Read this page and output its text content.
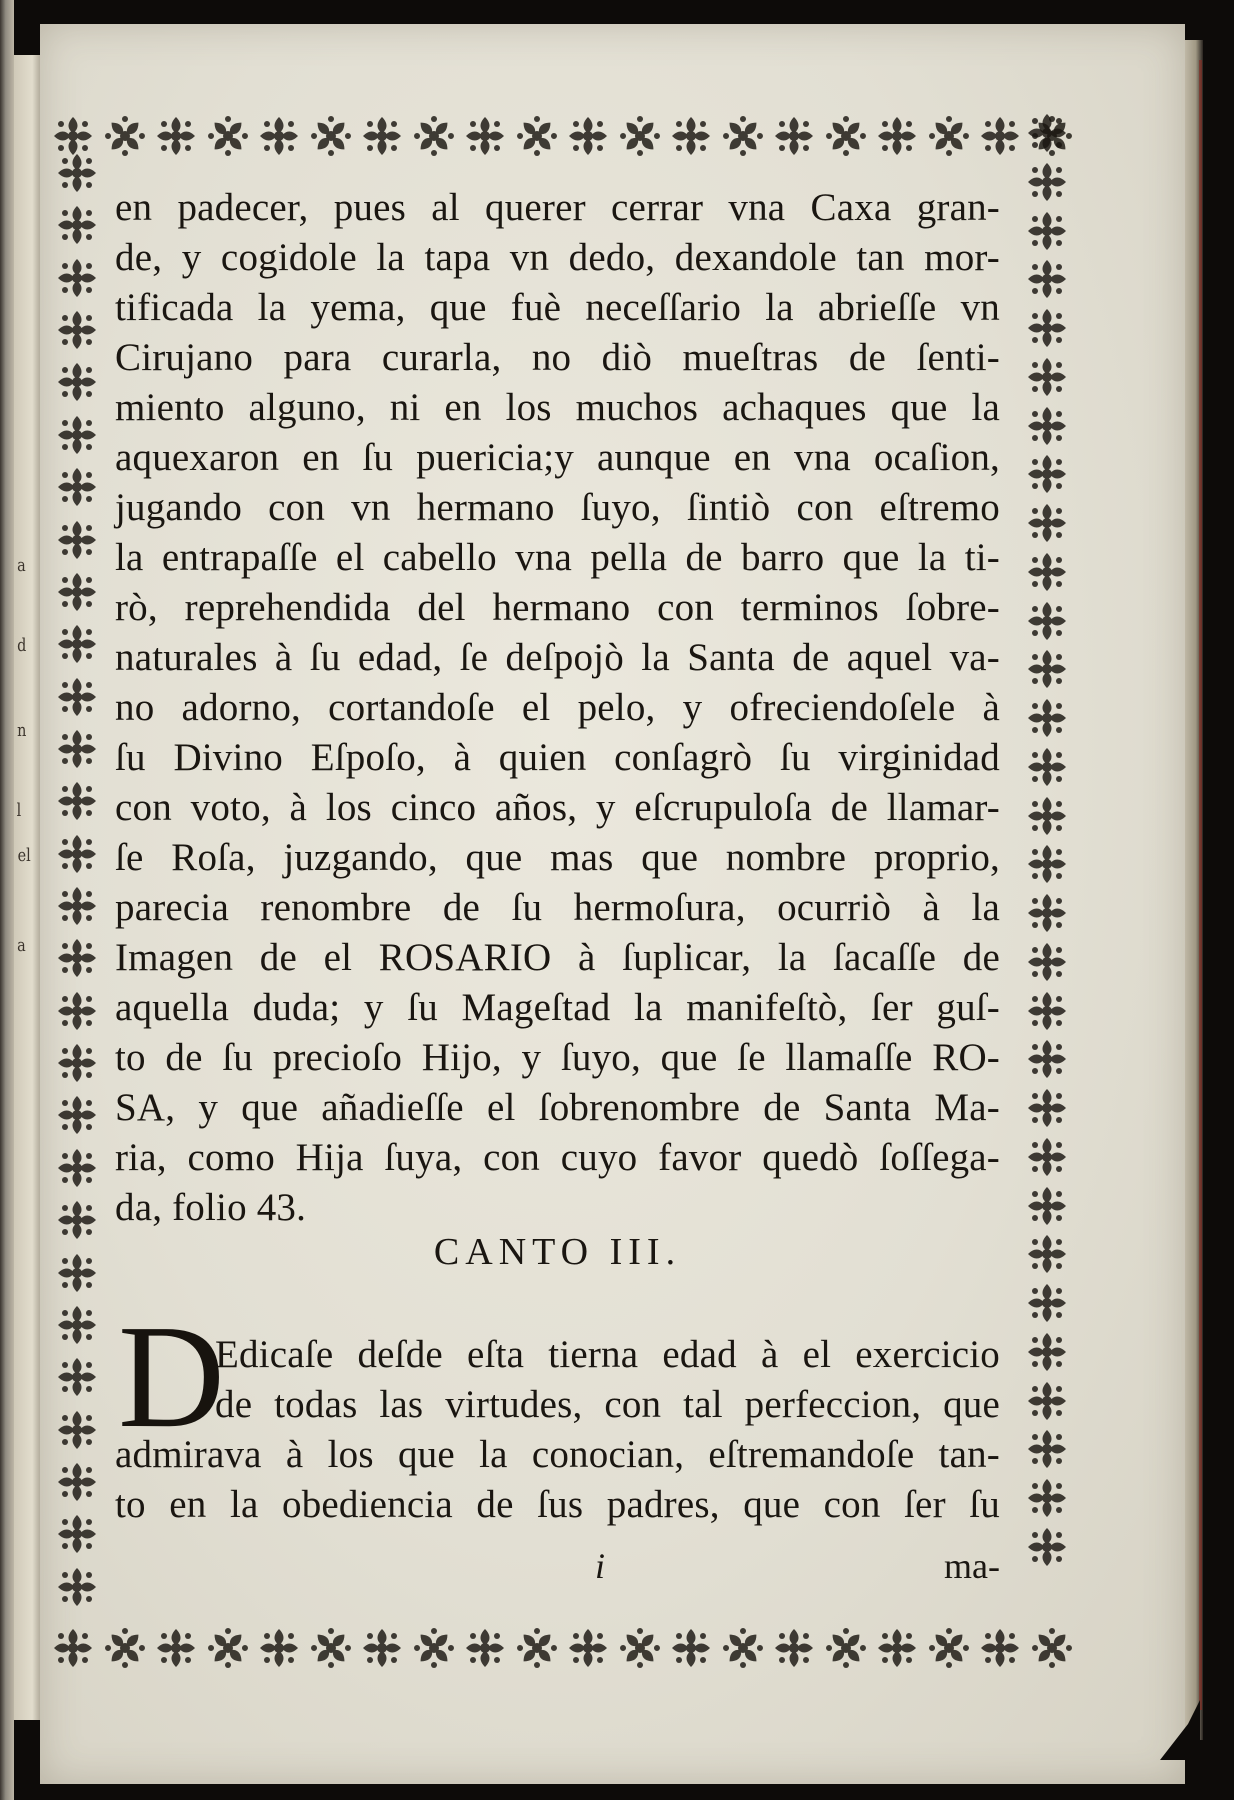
a
d
n
l
el
a
en padecer, pues al querer cerrar vna Caxa gran-
de, y cogidole la tapa vn dedo, dexandole tan mor-
tificada la yema, que fuè neceſſario la abrieſſe vn
Cirujano para curarla, no diò mueſtras de ſenti-
miento alguno, ni en los muchos achaques que la
aquexaron en ſu puericia;y aunque en vna ocaſion,
jugando con vn hermano ſuyo, ſintiò con eſtremo
la entrapaſſe el cabello vna pella de barro que la ti-
rò, reprehendida del hermano con terminos ſobre-
naturales à ſu edad, ſe deſpojò la Santa de aquel va-
no adorno, cortandoſe el pelo, y ofreciendoſele à
ſu Divino Eſpoſo, à quien conſagrò ſu virginidad
con voto, à los cinco años, y eſcrupuloſa de llamar-
ſe Roſa, juzgando, que mas que nombre proprio,
parecia renombre de ſu hermoſura, ocurriò à la
Imagen de el ROSARIO à ſuplicar, la ſacaſſe de
aquella duda; y ſu Mageſtad la manifeſtò, ſer guſ-
to de ſu precioſo Hijo, y ſuyo, que ſe llamaſſe RO-
SA, y que añadieſſe el ſobrenombre de Santa Ma-
ria, como Hija ſuya, con cuyo favor quedò ſoſſega-
da, folio 43.
CANTO III.
D
Edicaſe deſde eſta tierna edad à el exercicio
de todas las virtudes, con tal perfeccion, que
admirava à los que la conocian, eſtremandoſe tan-
to en la obediencia de ſus padres, que con ſer ſu
i	ma-
